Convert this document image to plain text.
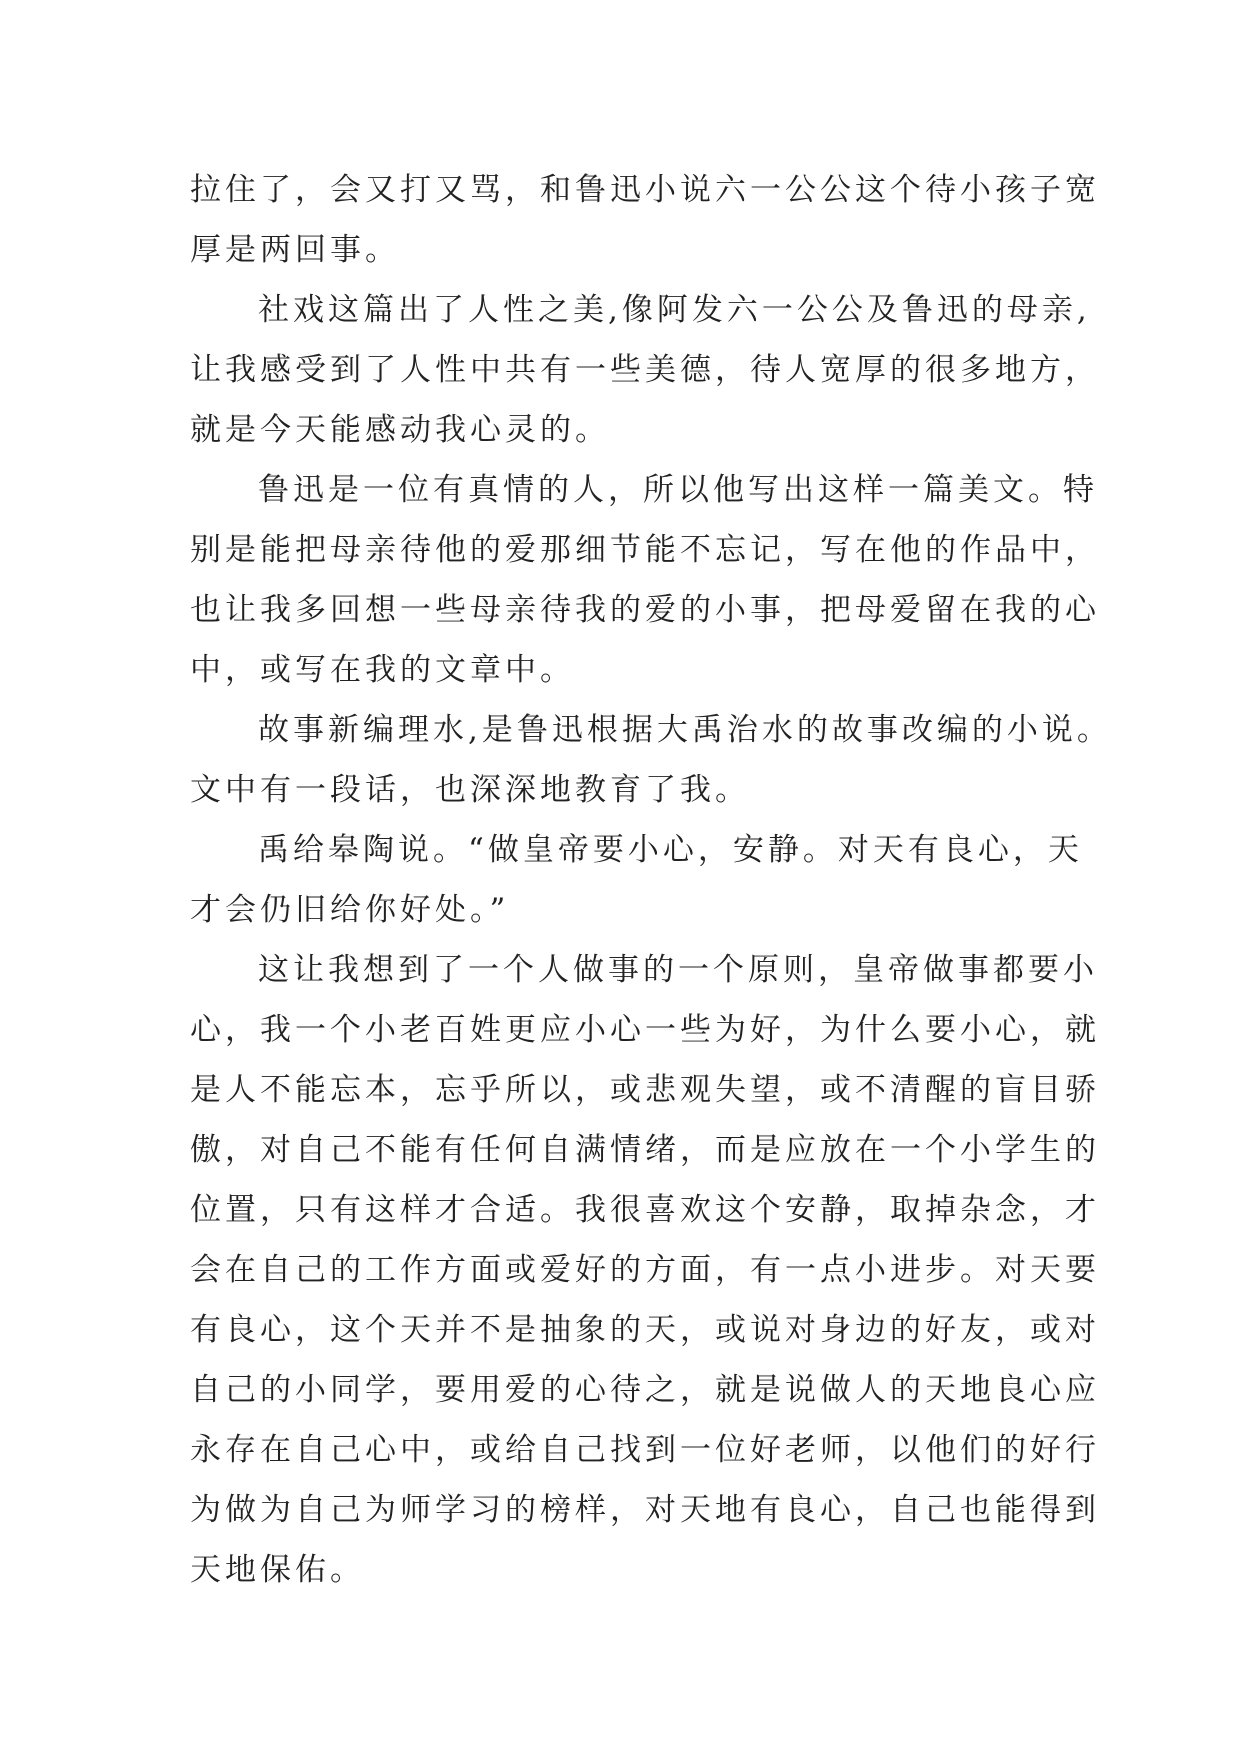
拉住了，会又打又骂，和鲁迅小说六一公公这个待小孩子宽
厚是两回事。

社戏这篇出了人性之美,像阿发六一公公及鲁迅的母亲,
让我感受到了人性中共有一些美德，待人宽厚的很多地方，
就是今天能感动我心灵的。

鲁迅是一位有真情的人，所以他写出这样一篇美文。特
别是能把母亲待他的爱那细节能不忘记，写在他的作品中，
也让我多回想一些母亲待我的爱的小事，把母爱留在我的心
中，或写在我的文章中。

故事新编理水,是鲁迅根据大禹治水的故事改编的小说。
文中有一段话，也深深地教育了我。

禹给皋陶说。“做皇帝要小心，安静。对天有良心，天
才会仍旧给你好处。”

这让我想到了一个人做事的一个原则，皇帝做事都要小
心，我一个小老百姓更应小心一些为好，为什么要小心，就
是人不能忘本，忘乎所以，或悲观失望，或不清醒的盲目骄
傲，对自己不能有任何自满情绪，而是应放在一个小学生的
位置，只有这样才合适。我很喜欢这个安静，取掉杂念，才
会在自己的工作方面或爱好的方面，有一点小进步。对天要
有良心，这个天并不是抽象的天，或说对身边的好友，或对
自己的小同学，要用爱的心待之，就是说做人的天地良心应
永存在自己心中，或给自己找到一位好老师，以他们的好行
为做为自己为师学习的榜样，对天地有良心，自己也能得到
天地保佑。
